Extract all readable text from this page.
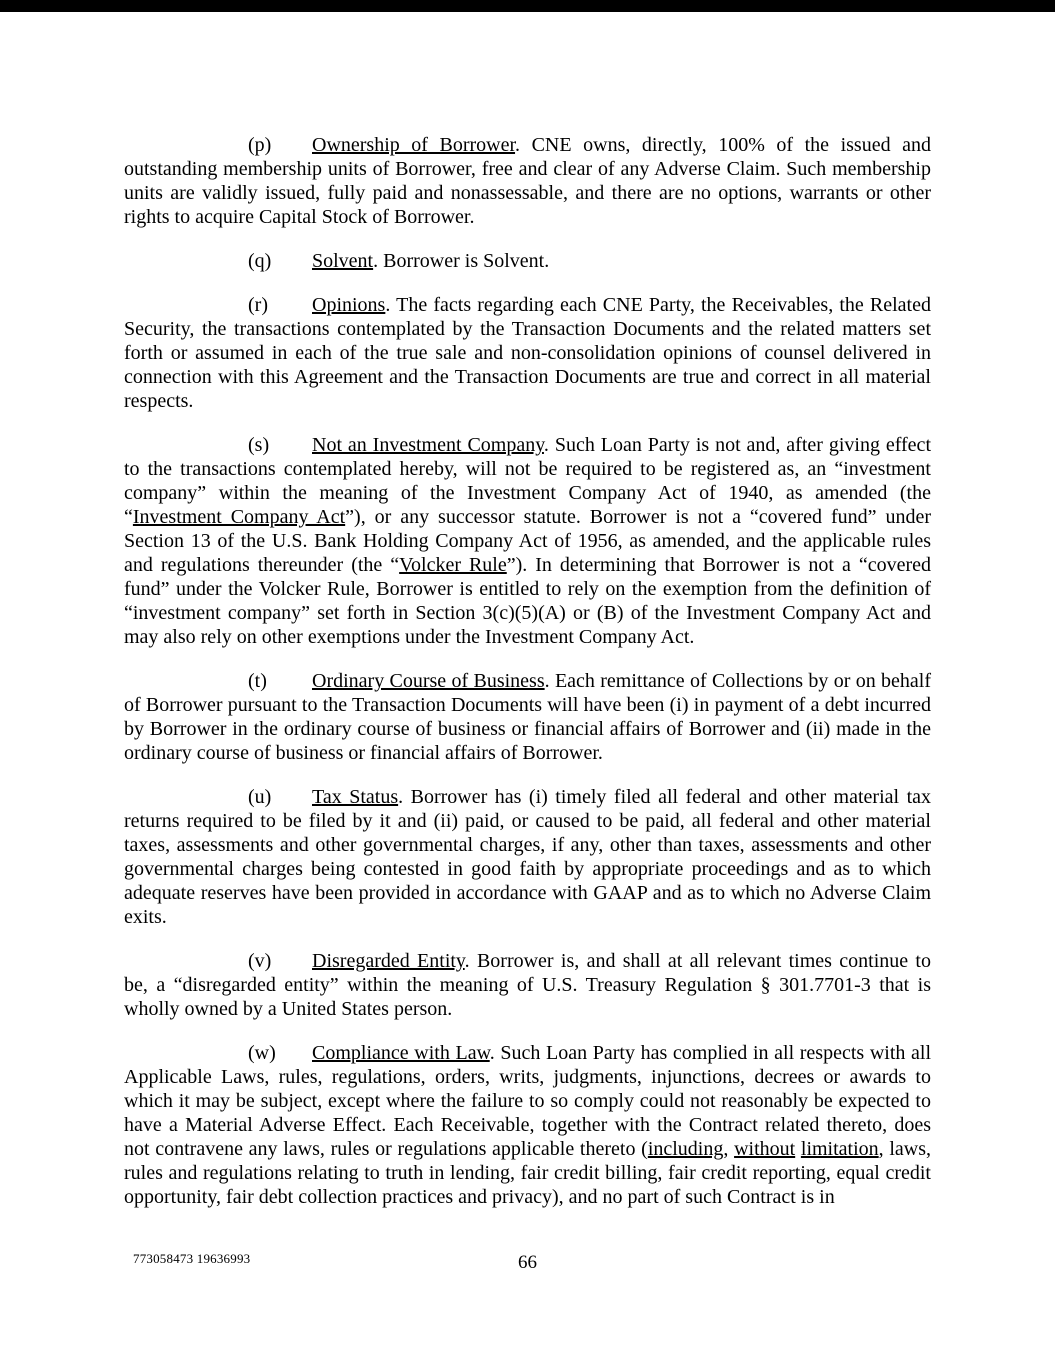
(p) Ownership of Borrower. CNE owns, directly, 100% of the issued and outstanding membership units of Borrower, free and clear of any Adverse Claim. Such membership units are validly issued, fully paid and nonassessable, and there are no options, warrants or other rights to acquire Capital Stock of Borrower.

(q) Solvent. Borrower is Solvent.

(r) Opinions. The facts regarding each CNE Party, the Receivables, the Related Security, the transactions contemplated by the Transaction Documents and the related matters set forth or assumed in each of the true sale and non-consolidation opinions of counsel delivered in connection with this Agreement and the Transaction Documents are true and correct in all material respects.

(s) Not an Investment Company. Such Loan Party is not and, after giving effect to the transactions contemplated hereby, will not be required to be registered as, an “investment company” within the meaning of the Investment Company Act of 1940, as amended (the “Investment Company Act”), or any successor statute. Borrower is not a “covered fund” under Section 13 of the U.S. Bank Holding Company Act of 1956, as amended, and the applicable rules and regulations thereunder (the “Volcker Rule”). In determining that Borrower is not a “covered fund” under the Volcker Rule, Borrower is entitled to rely on the exemption from the definition of “investment company” set forth in Section 3(c)(5)(A) or (B) of the Investment Company Act and may also rely on other exemptions under the Investment Company Act.

(t) Ordinary Course of Business. Each remittance of Collections by or on behalf of Borrower pursuant to the Transaction Documents will have been (i) in payment of a debt incurred by Borrower in the ordinary course of business or financial affairs of Borrower and (ii) made in the ordinary course of business or financial affairs of Borrower.

(u) Tax Status. Borrower has (i) timely filed all federal and other material tax returns required to be filed by it and (ii) paid, or caused to be paid, all federal and other material taxes, assessments and other governmental charges, if any, other than taxes, assessments and other governmental charges being contested in good faith by appropriate proceedings and as to which adequate reserves have been provided in accordance with GAAP and as to which no Adverse Claim exits.

(v) Disregarded Entity. Borrower is, and shall at all relevant times continue to be, a “disregarded entity” within the meaning of U.S. Treasury Regulation § 301.7701-3 that is wholly owned by a United States person.

(w) Compliance with Law. Such Loan Party has complied in all respects with all Applicable Laws, rules, regulations, orders, writs, judgments, injunctions, decrees or awards to which it may be subject, except where the failure to so comply could not reasonably be expected to have a Material Adverse Effect. Each Receivable, together with the Contract related thereto, does not contravene any laws, rules or regulations applicable thereto (including, without limitation, laws, rules and regulations relating to truth in lending, fair credit billing, fair credit reporting, equal credit opportunity, fair debt collection practices and privacy), and no part of such Contract is in

773058473 19636993	66
